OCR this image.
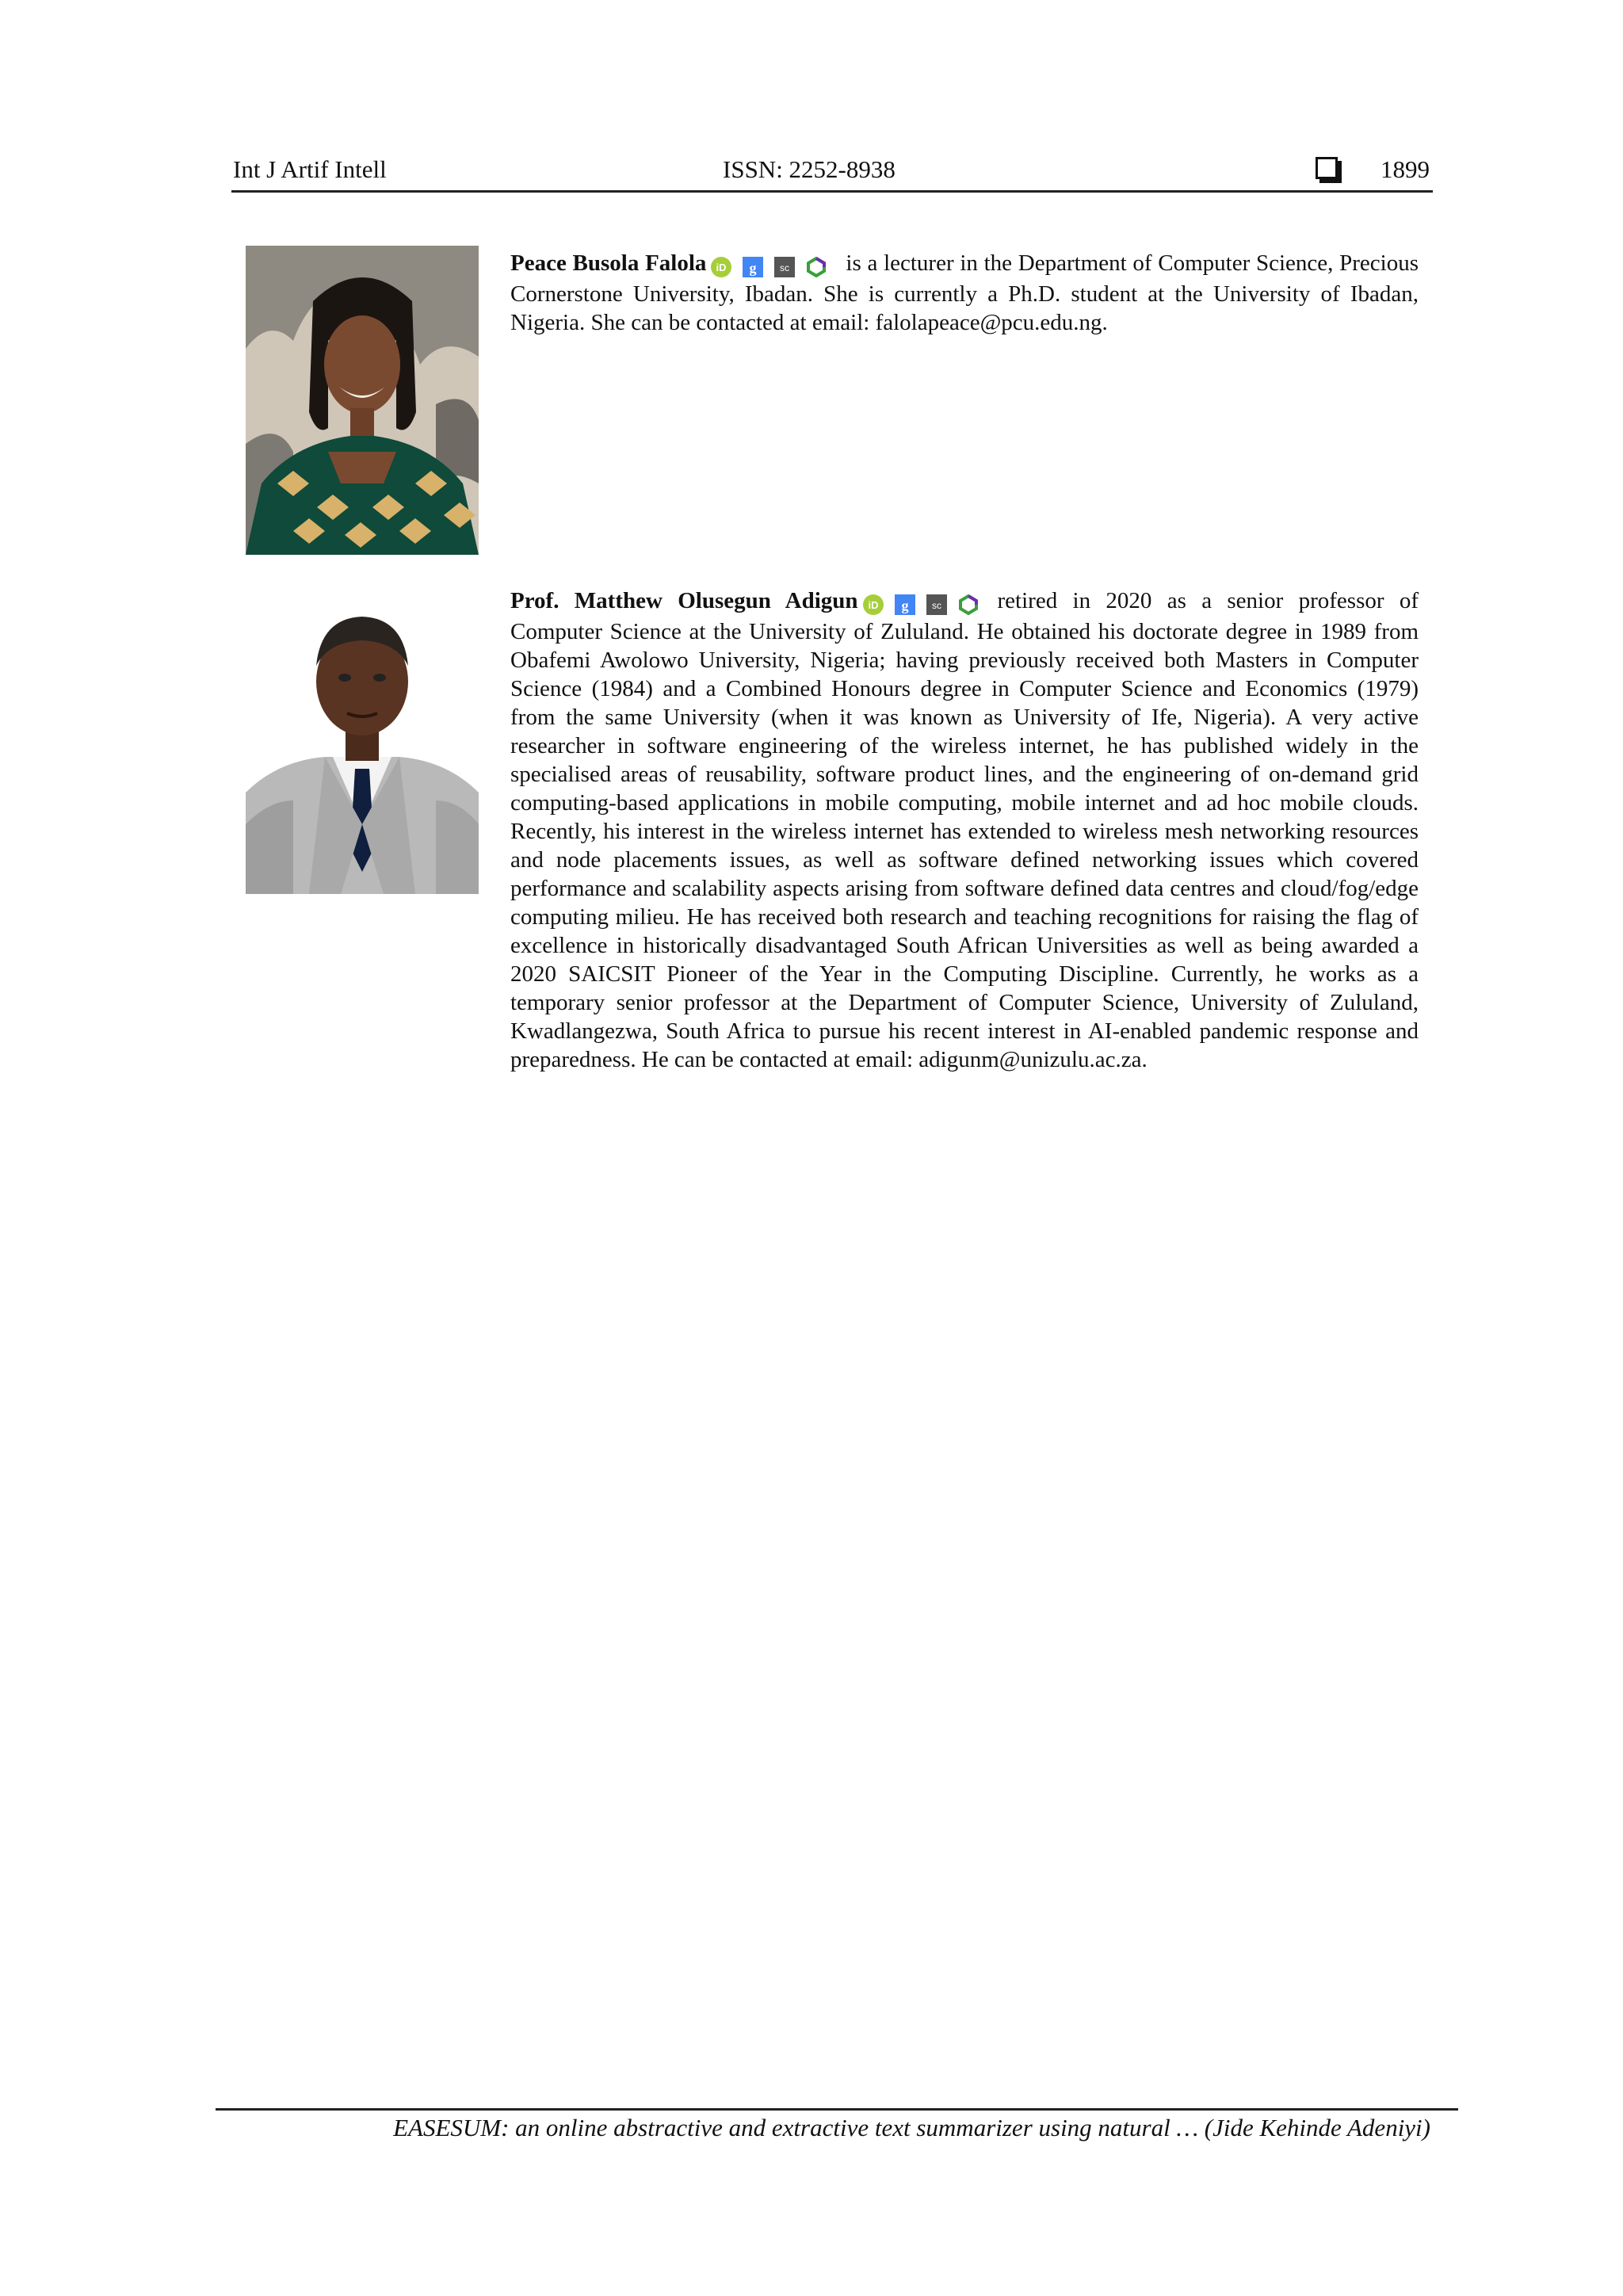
Int J Artif Intell	ISSN: 2252-8938	1899
Peace Busola Falola iD g sc is a lecturer in the Department of Computer Science, Precious Cornerstone University, Ibadan. She is currently a Ph.D. student at the University of Ibadan, Nigeria. She can be contacted at email: falolapeace@pcu.edu.ng.
Prof. Matthew Olusegun Adigun iD g sc retired in 2020 as a senior professor of Computer Science at the University of Zululand. He obtained his doctorate degree in 1989 from Obafemi Awolowo University, Nigeria; having previously received both Masters in Computer Science (1984) and a Combined Honours degree in Computer Science and Economics (1979) from the same University (when it was known as University of Ife, Nigeria). A very active researcher in software engineering of the wireless internet, he has published widely in the specialised areas of reusability, software product lines, and the engineering of on-demand grid computing-based applications in mobile computing, mobile internet and ad hoc mobile clouds. Recently, his interest in the wireless internet has extended to wireless mesh networking resources and node placements issues, as well as software defined networking issues which covered performance and scalability aspects arising from software defined data centres and cloud/fog/edge computing milieu. He has received both research and teaching recognitions for raising the flag of excellence in historically disadvantaged South African Universities as well as being awarded a 2020 SAICSIT Pioneer of the Year in the Computing Discipline. Currently, he works as a temporary senior professor at the Department of Computer Science, University of Zululand, Kwadlangezwa, South Africa to pursue his recent interest in AI-enabled pandemic response and preparedness. He can be contacted at email: adigunm@unizulu.ac.za.
EASESUM: an online abstractive and extractive text summarizer using natural … (Jide Kehinde Adeniyi)
